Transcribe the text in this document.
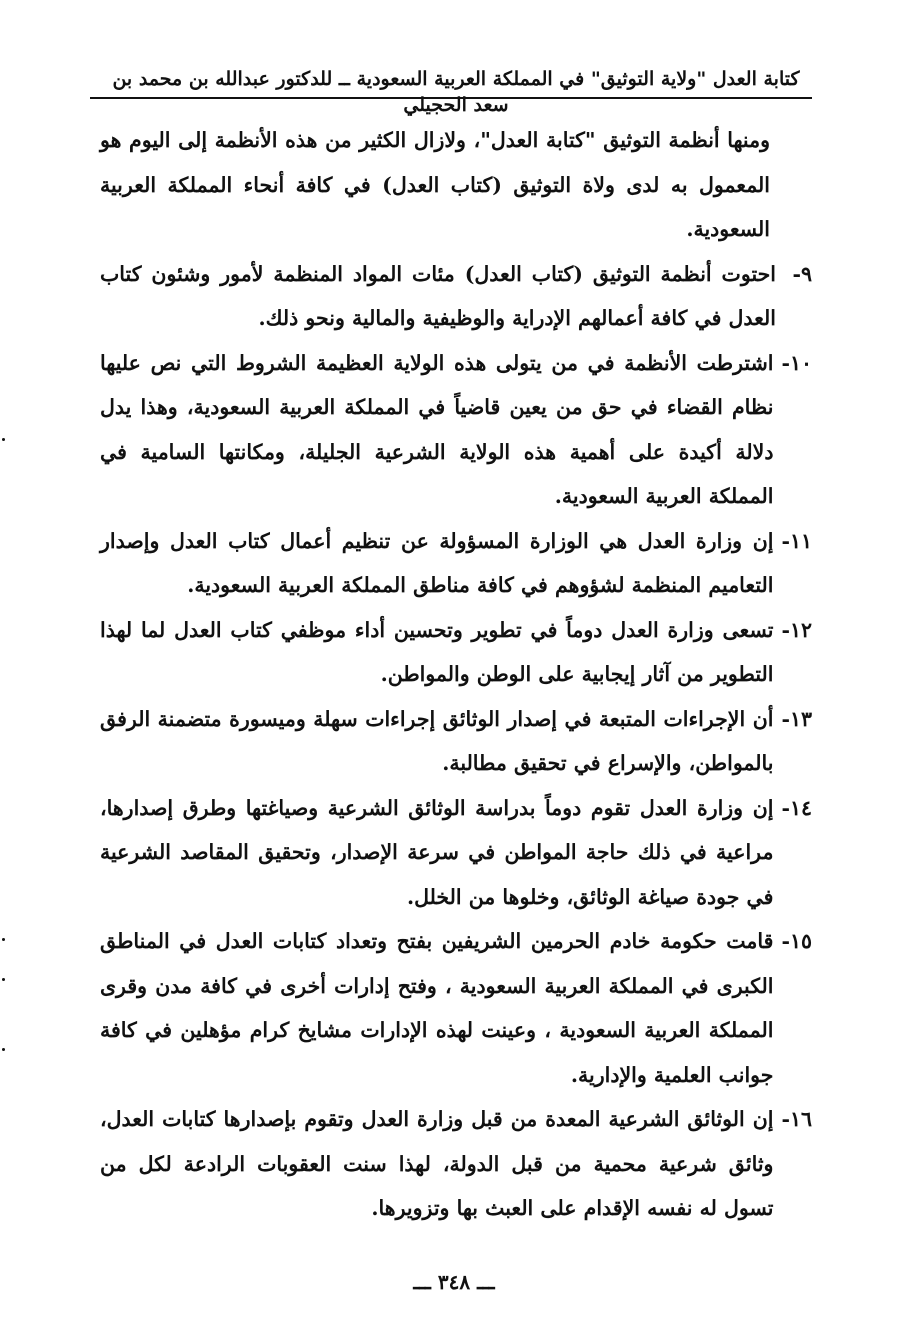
كتابة العدل "ولاية التوثيق" في المملكة العربية السعودية ــ للدكتور عبدالله بن محمد بن سعد الحجيلي

ومنها أنظمة التوثيق "كتابة العدل"، ولازال الكثير من هذه الأنظمة إلى اليوم هو المعمول به لدى ولاة التوثيق (كتاب العدل) في كافة أنحاء المملكة العربية السعودية.

٩-
احتوت أنظمة التوثيق (كتاب العدل) مئات المواد المنظمة لأمور وشئون كتاب العدل في كافة أعمالهم الإدراية والوظيفية والمالية ونحو ذلك.
١٠-
اشترطت الأنظمة في من يتولى هذه الولاية العظيمة الشروط التي نص عليها نظام القضاء في حق من يعين قاضياً في المملكة العربية السعودية، وهذا يدل دلالة أكيدة على أهمية هذه الولاية الشرعية الجليلة، ومكانتها السامية في المملكة العربية السعودية.
١١-
إن وزارة العدل هي الوزارة المسؤولة عن تنظيم أعمال كتاب العدل وإصدار التعاميم المنظمة لشؤوهم في كافة مناطق المملكة العربية السعودية.
١٢-
تسعى وزارة العدل دوماً في تطوير وتحسين أداء موظفي كتاب العدل لما لهذا التطوير من آثار إيجابية على الوطن والمواطن.
١٣-
أن الإجراءات المتبعة في إصدار الوثائق إجراءات سهلة وميسورة متضمنة الرفق بالمواطن، والإسراع في تحقيق مطالبة.
١٤-
إن وزارة العدل تقوم دوماً بدراسة الوثائق الشرعية وصياغتها وطرق إصدارها، مراعية في ذلك حاجة المواطن في سرعة الإصدار، وتحقيق المقاصد الشرعية في جودة صياغة الوثائق، وخلوها من الخلل.
١٥-
قامت حكومة خادم الحرمين الشريفين بفتح وتعداد كتابات العدل في المناطق الكبرى في المملكة العربية السعودية ، وفتح إدارات أخرى في كافة مدن وقرى المملكة العربية السعودية ، وعينت لهذه الإدارات مشايخ كرام مؤهلين في كافة جوانب العلمية والإدارية.
١٦-
إن الوثائق الشرعية المعدة من قبل وزارة العدل وتقوم بإصدارها كتابات العدل، وثائق شرعية محمية من قبل الدولة، لهذا سنت العقوبات الرادعة لكل من تسول له نفسه الإقدام على العبث بها وتزويرها.
ـــ ٣٤٨ ـــ
